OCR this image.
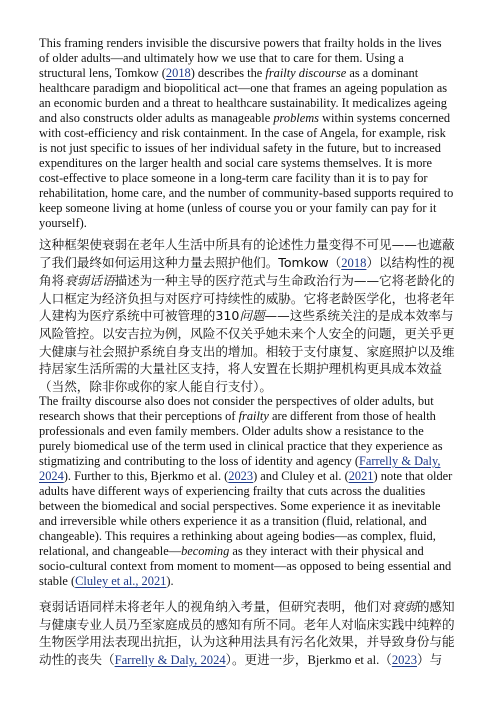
This framing renders invisible the discursive powers that frailty holds in the lives
of older adults—and ultimately how we use that to care for them. Using a
structural lens, Tomkow (2018) describes the frailty discourse as a dominant
healthcare paradigm and biopolitical act—one that frames an ageing population as
an economic burden and a threat to healthcare sustainability. It medicalizes ageing
and also constructs older adults as manageable problems within systems concerned
with cost-efficiency and risk containment. In the case of Angela, for example, risk
is not just specific to issues of her individual safety in the future, but to increased
expenditures on the larger health and social care systems themselves. It is more
cost-effective to place someone in a long-term care facility than it is to pay for
rehabilitation, home care, and the number of community-based supports required to
keep someone living at home (unless of course you or your family can pay for it
yourself).
这种框架使衰弱在老年人生活中所具有的论述性力量变得不可见——也遮蔽
了我们最终如何运用这种力量去照护他们。Tomkow（2018）以结构性的视
角将衰弱话语描述为一种主导的医疗范式与生命政治行为——它将老龄化的
人口框定为经济负担与对医疗可持续性的威胁。它将老龄医学化，也将老年
人建构为医疗系统中可被管理的310问题——这些系统关注的是成本效率与
风险管控。以安吉拉为例，风险不仅关乎她未来个人安全的问题，更关乎更
大健康与社会照护系统自身支出的增加。相较于支付康复、家庭照护以及维
持居家生活所需的大量社区支持，将人安置在长期护理机构更具成本效益
（当然，除非你或你的家人能自行支付）。
The frailty discourse also does not consider the perspectives of older adults, but
research shows that their perceptions of frailty are different from those of health
professionals and even family members. Older adults show a resistance to the
purely biomedical use of the term used in clinical practice that they experience as
stigmatizing and contributing to the loss of identity and agency (Farrelly & Daly,
2024). Further to this, Bjerkmo et al. (2023) and Cluley et al. (2021) note that older
adults have different ways of experiencing frailty that cuts across the dualities
between the biomedical and social perspectives. Some experience it as inevitable
and irreversible while others experience it as a transition (fluid, relational, and
changeable). This requires a rethinking about ageing bodies—as complex, fluid,
relational, and changeable—becoming as they interact with their physical and
socio-cultural context from moment to moment—as opposed to being essential and
stable (Cluley et al., 2021).
衰弱话语同样未将老年人的视角纳入考量，但研究表明，他们对衰弱的感知
与健康专业人员乃至家庭成员的感知有所不同。老年人对临床实践中纯粹的
生物医学用法表现出抗拒，认为这种用法具有污名化效果，并导致身份与能
动性的丧失（Farrelly & Daly, 2024）。更进一步，Bjerkmo et al.（2023）与
